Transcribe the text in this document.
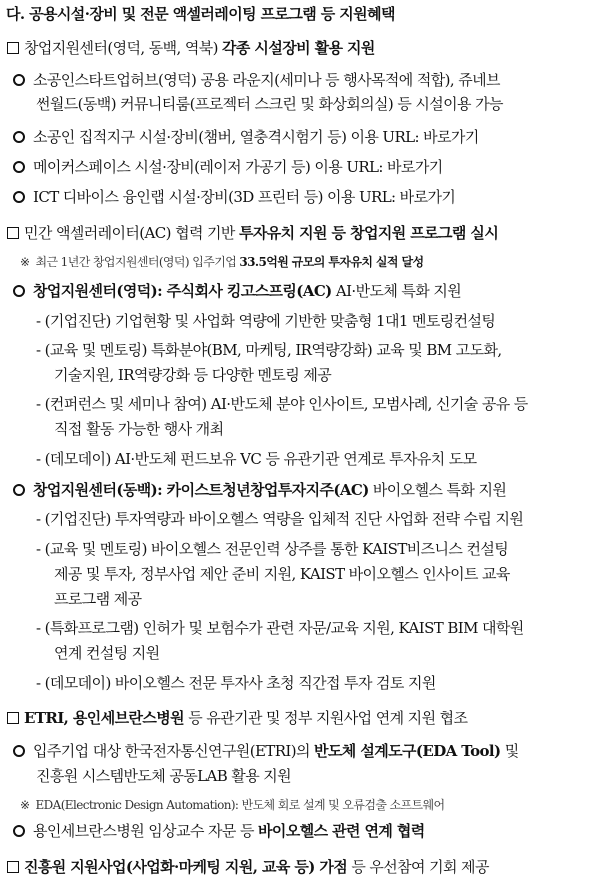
다. 공용시설·장비 및 전문 액셀러레이팅 프로그램 등 지원혜택
창업지원센터(영덕, 동백, 역북) 각종 시설장비 활용 지원
소공인스타트업허브(영덕) 공용 라운지(세미나 등 행사목적에 적합), 쥬네브
썬월드(동백) 커뮤니티룸(프로젝터 스크린 및 화상회의실) 등 시설이용 가능
소공인 집적지구 시설·장비(챔버, 열충격시험기 등) 이용 URL: 바로가기
메이커스페이스 시설·장비(레이저 가공기 등) 이용 URL: 바로가기
ICT 디바이스 융인랩 시설·장비(3D 프린터 등) 이용 URL: 바로가기
민간 액셀러레이터(AC) 협력 기반 투자유치 지원 등 창업지원 프로그램 실시
※ 최근 1년간 창업지원센터(영덕) 입주기업 33.5억원 규모의 투자유치 실적 달성
창업지원센터(영덕): 주식회사 킹고스프링(AC) AI·반도체 특화 지원
- (기업진단) 기업현황 및 사업화 역량에 기반한 맞춤형 1대1 멘토링컨설팅
- (교육 및 멘토링) 특화분야(BM, 마케팅, IR역량강화) 교육 및 BM 고도화,
기술지원, IR역량강화 등 다양한 멘토링 제공
- (컨퍼런스 및 세미나 참여) AI·반도체 분야 인사이트, 모범사례, 신기술 공유 등
직접 활동 가능한 행사 개최
- (데모데이) AI·반도체 펀드보유 VC 등 유관기관 연계로 투자유치 도모
창업지원센터(동백): 카이스트청년창업투자지주(AC) 바이오헬스 특화 지원
- (기업진단) 투자역량과 바이오헬스 역량을 입체적 진단 사업화 전략 수립 지원
- (교육 및 멘토링) 바이오헬스 전문인력 상주를 통한 KAIST비즈니스 컨설팅
제공 및 투자, 정부사업 제안 준비 지원, KAIST 바이오헬스 인사이트 교육
프로그램 제공
- (특화프로그램) 인허가 및 보험수가 관련 자문/교육 지원, KAIST BIM 대학원
연계 컨설팅 지원
- (데모데이) 바이오헬스 전문 투자사 초청 직간접 투자 검토 지원
ETRI, 용인세브란스병원 등 유관기관 및 정부 지원사업 연계 지원 협조
입주기업 대상 한국전자통신연구원(ETRI)의 반도체 설계도구(EDA Tool) 및
진흥원 시스템반도체 공동LAB 활용 지원
※ EDA(Electronic Design Automation): 반도체 회로 설계 및 오류검출 소프트웨어
용인세브란스병원 임상교수 자문 등 바이오헬스 관련 연계 협력
진흥원 지원사업(사업화·마케팅 지원, 교육 등) 가점 등 우선참여 기회 제공
